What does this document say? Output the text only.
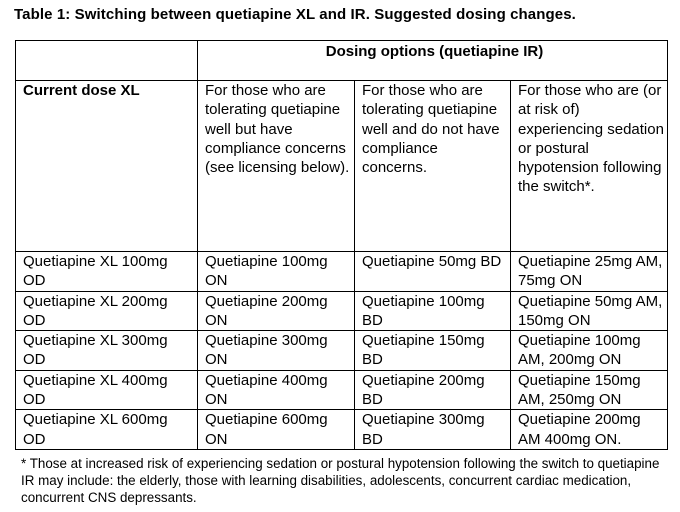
Table 1: Switching between quetiapine XL and IR. Suggested dosing changes.
	Dosing options (quetiapine IR)		
Current dose XL	For those who are tolerating quetiapine well but have compliance concerns (see licensing below).	For those who are tolerating quetiapine well and do not have compliance concerns.	For those who are (or at risk of) experiencing sedation or postural hypotension following the switch*.
Quetiapine XL 100mg OD	Quetiapine 100mg ON	Quetiapine 50mg BD	Quetiapine 25mg AM, 75mg ON
Quetiapine XL 200mg OD	Quetiapine 200mg ON	Quetiapine 100mg BD	Quetiapine 50mg AM, 150mg ON
Quetiapine XL 300mg OD	Quetiapine 300mg ON	Quetiapine 150mg BD	Quetiapine 100mg AM, 200mg ON
Quetiapine XL 400mg OD	Quetiapine 400mg ON	Quetiapine 200mg BD	Quetiapine 150mg AM, 250mg ON
Quetiapine XL 600mg OD	Quetiapine 600mg ON	Quetiapine 300mg BD	Quetiapine 200mg AM 400mg ON.
* Those at increased risk of experiencing sedation or postural hypotension following the switch to quetiapine IR may include: the elderly, those with learning disabilities, adolescents, concurrent cardiac medication, concurrent CNS depressants.
